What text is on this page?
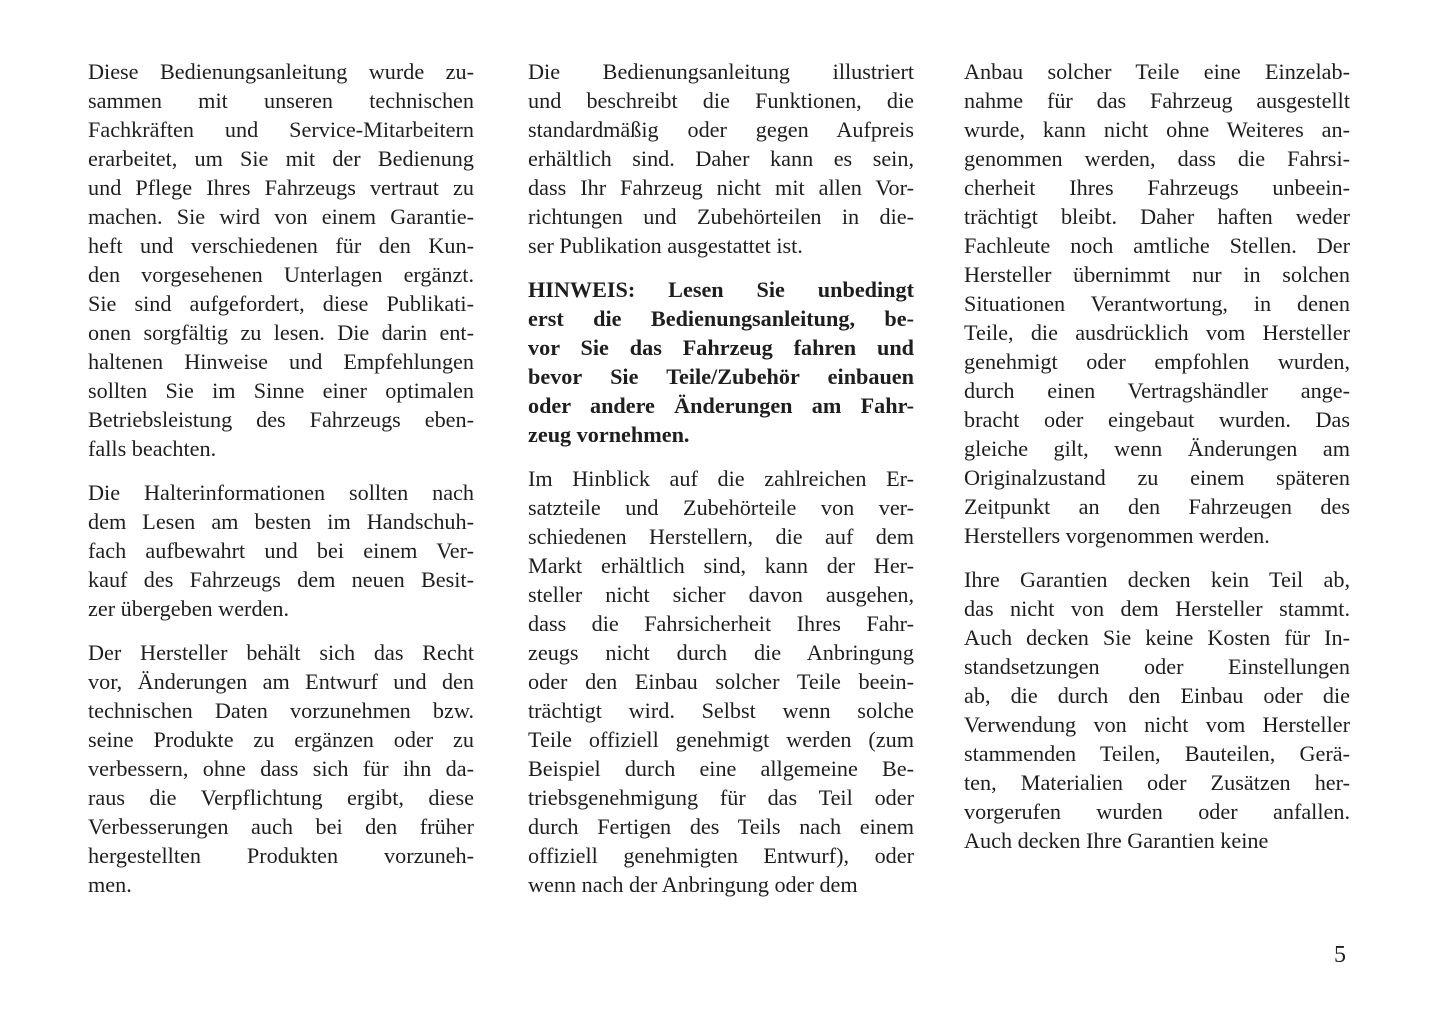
Diese Bedienungsanleitung wurde zu-
sammen mit unseren technischen
Fachkräften und Service-Mitarbeitern
erarbeitet, um Sie mit der Bedienung
und Pflege Ihres Fahrzeugs vertraut zu
machen. Sie wird von einem Garantie-
heft und verschiedenen für den Kun-
den vorgesehenen Unterlagen ergänzt.
Sie sind aufgefordert, diese Publikati-
onen sorgfältig zu lesen. Die darin ent-
haltenen Hinweise und Empfehlungen
sollten Sie im Sinne einer optimalen
Betriebsleistung des Fahrzeugs eben-
falls beachten.

Die Halterinformationen sollten nach
dem Lesen am besten im Handschuh-
fach aufbewahrt und bei einem Ver-
kauf des Fahrzeugs dem neuen Besit-
zer übergeben werden.

Der Hersteller behält sich das Recht
vor, Änderungen am Entwurf und den
technischen Daten vorzunehmen bzw.
seine Produkte zu ergänzen oder zu
verbessern, ohne dass sich für ihn da-
raus die Verpflichtung ergibt, diese
Verbesserungen auch bei den früher
hergestellten Produkten vorzuneh-
men.

Die Bedienungsanleitung illustriert
und beschreibt die Funktionen, die
standardmäßig oder gegen Aufpreis
erhältlich sind. Daher kann es sein,
dass Ihr Fahrzeug nicht mit allen Vor-
richtungen und Zubehörteilen in die-
ser Publikation ausgestattet ist.

HINWEIS: Lesen Sie unbedingt
erst die Bedienungsanleitung, be-
vor Sie das Fahrzeug fahren und
bevor Sie Teile/Zubehör einbauen
oder andere Änderungen am Fahr-
zeug vornehmen.

Im Hinblick auf die zahlreichen Er-
satzteile und Zubehörteile von ver-
schiedenen Herstellern, die auf dem
Markt erhältlich sind, kann der Her-
steller nicht sicher davon ausgehen,
dass die Fahrsicherheit Ihres Fahr-
zeugs nicht durch die Anbringung
oder den Einbau solcher Teile beein-
trächtigt wird. Selbst wenn solche
Teile offiziell genehmigt werden (zum
Beispiel durch eine allgemeine Be-
triebsgenehmigung für das Teil oder
durch Fertigen des Teils nach einem
offiziell genehmigten Entwurf), oder
wenn nach der Anbringung oder dem

Anbau solcher Teile eine Einzelab-
nahme für das Fahrzeug ausgestellt
wurde, kann nicht ohne Weiteres an-
genommen werden, dass die Fahrsi-
cherheit Ihres Fahrzeugs unbeein-
trächtigt bleibt. Daher haften weder
Fachleute noch amtliche Stellen. Der
Hersteller übernimmt nur in solchen
Situationen Verantwortung, in denen
Teile, die ausdrücklich vom Hersteller
genehmigt oder empfohlen wurden,
durch einen Vertragshändler ange-
bracht oder eingebaut wurden. Das
gleiche gilt, wenn Änderungen am
Originalzustand zu einem späteren
Zeitpunkt an den Fahrzeugen des
Herstellers vorgenommen werden.

Ihre Garantien decken kein Teil ab,
das nicht von dem Hersteller stammt.
Auch decken Sie keine Kosten für In-
standsetzungen oder Einstellungen
ab, die durch den Einbau oder die
Verwendung von nicht vom Hersteller
stammenden Teilen, Bauteilen, Gerä-
ten, Materialien oder Zusätzen her-
vorgerufen wurden oder anfallen.
Auch decken Ihre Garantien keine

5
